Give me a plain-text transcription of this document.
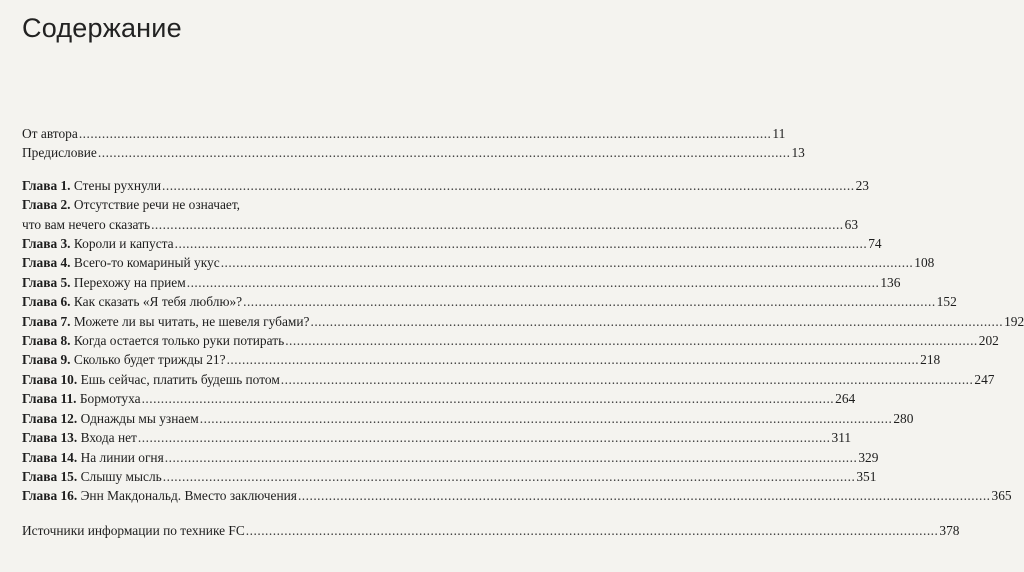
Содержание
От автора .....	11
Предисловие .....	13
Глава 1. Стены рухнули .....	23
Глава 2. Отсутствие речи не означает,
что вам нечего сказать .....	63
Глава 3. Короли и капуста .....	74
Глава 4. Всего-то комариный укус .....	108
Глава 5. Перехожу на прием .....	136
Глава 6. Как сказать «Я тебя люблю»? .....	152
Глава 7. Можете ли вы читать, не шевеля губами? .....	192
Глава 8. Когда остается только руки потирать .....	202
Глава 9. Сколько будет трижды 21? .....	218
Глава 10. Ешь сейчас, платить будешь потом .....	247
Глава 11. Бормотуха .....	264
Глава 12. Однажды мы узнаем .....	280
Глава 13. Входа нет .....	311
Глава 14. На линии огня .....	329
Глава 15. Слышу мысль .....	351
Глава 16. Энн Макдональд. Вместо заключения .....	365
Источники информации по технике FC .....	378
